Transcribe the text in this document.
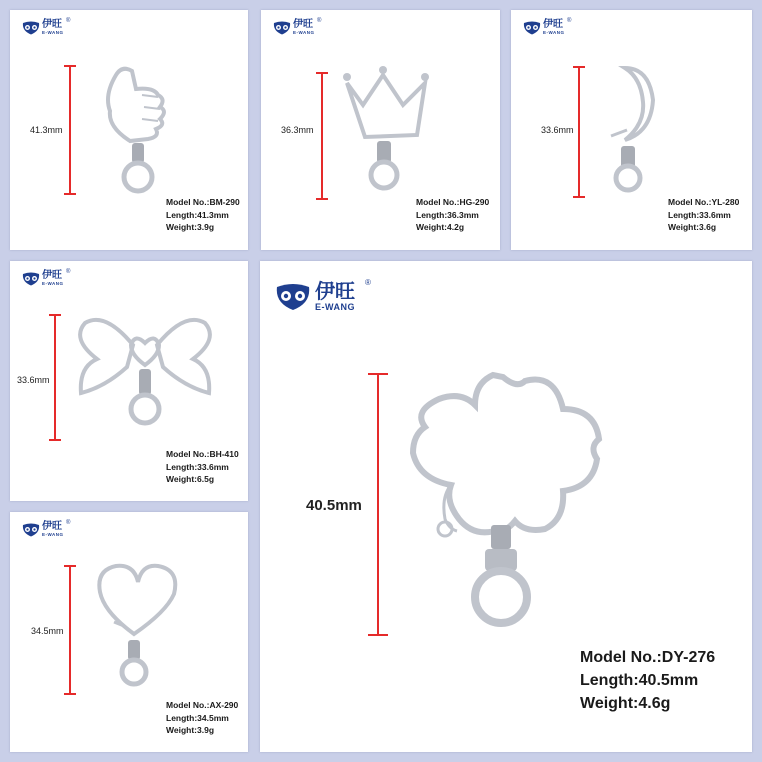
伊旺
E-WANG
®
41.3mm
Model No.:BM-290
Length:41.3mm
Weight:3.9g
伊旺
E-WANG
®
36.3mm
Model No.:HG-290
Length:36.3mm
Weight:4.2g
伊旺
E-WANG
®
33.6mm
Model No.:YL-280
Length:33.6mm
Weight:3.6g
伊旺
E-WANG
®
33.6mm
Model No.:BH-410
Length:33.6mm
Weight:6.5g
伊旺
E-WANG
®
34.5mm
Model No.:AX-290
Length:34.5mm
Weight:3.9g
伊旺
E-WANG
®
40.5mm
Model No.:DY-276
Length:40.5mm
Weight:4.6g
